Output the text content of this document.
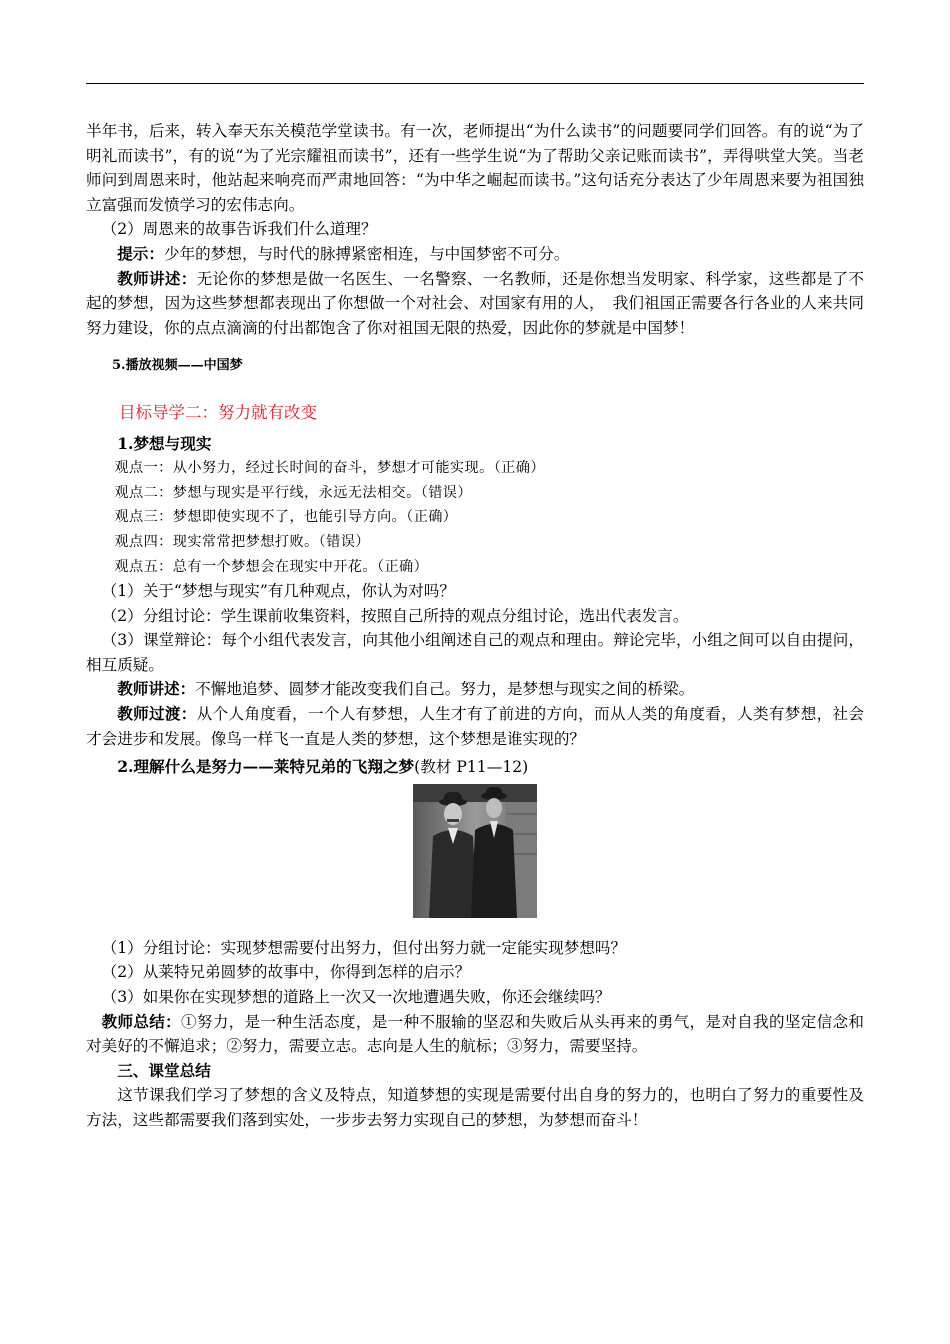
半年书，后来，转入奉天东关模范学堂读书。有一次，老师提出“为什么读书”的问题要同学们回答。有的说“为了明礼而读书”，有的说“为了光宗耀祖而读书”，还有一些学生说“为了帮助父亲记账而读书”，弄得哄堂大笑。当老师问到周恩来时，他站起来响亮而严肃地回答：“为中华之崛起而读书。”这句话充分表达了少年周恩来要为祖国独立富强而发愤学习的宏伟志向。

（2）周恩来的故事告诉我们什么道理？

提示：少年的梦想，与时代的脉搏紧密相连，与中国梦密不可分。

教师讲述：无论你的梦想是做一名医生、一名警察、一名教师，还是你想当发明家、科学家，这些都是了不起的梦想，因为这些梦想都表现出了你想做一个对社会、对国家有用的人，　我们祖国正需要各行各业的人来共同努力建设，你的点点滴滴的付出都饱含了你对祖国无限的热爱，因此你的梦就是中国梦！

5.播放视频——中国梦

目标导学二：努力就有改变

1.梦想与现实

观点一：从小努力，经过长时间的奋斗，梦想才可能实现。（正确）

观点二：梦想与现实是平行线，永远无法相交。（错误）

观点三：梦想即使实现不了，也能引导方向。（正确）

观点四：现实常常把梦想打败。（错误）

观点五：总有一个梦想会在现实中开花。（正确）

（1）关于“梦想与现实”有几种观点，你认为对吗？

（2）分组讨论：学生课前收集资料，按照自己所持的观点分组讨论，选出代表发言。

（3）课堂辩论：每个小组代表发言，向其他小组阐述自己的观点和理由。辩论完毕，小组之间可以自由提问，相互质疑。

教师讲述：不懈地追梦、圆梦才能改变我们自己。努力，是梦想与现实之间的桥梁。

教师过渡：从个人角度看，一个人有梦想，人生才有了前进的方向，而从人类的角度看，人类有梦想，社会才会进步和发展。像鸟一样飞一直是人类的梦想，这个梦想是谁实现的？

2.理解什么是努力——莱特兄弟的飞翔之梦(教材 P11—12)

（1）分组讨论：实现梦想需要付出努力，但付出努力就一定能实现梦想吗？

（2）从莱特兄弟圆梦的故事中，你得到怎样的启示？

（3）如果你在实现梦想的道路上一次又一次地遭遇失败，你还会继续吗？

教师总结：①努力，是一种生活态度，是一种不服输的坚忍和失败后从头再来的勇气，是对自我的坚定信念和对美好的不懈追求；②努力，需要立志。志向是人生的航标；③努力，需要坚持。

三、课堂总结

这节课我们学习了梦想的含义及特点，知道梦想的实现是需要付出自身的努力的，也明白了努力的重要性及方法，这些都需要我们落到实处，一步步去努力实现自己的梦想，为梦想而奋斗！
